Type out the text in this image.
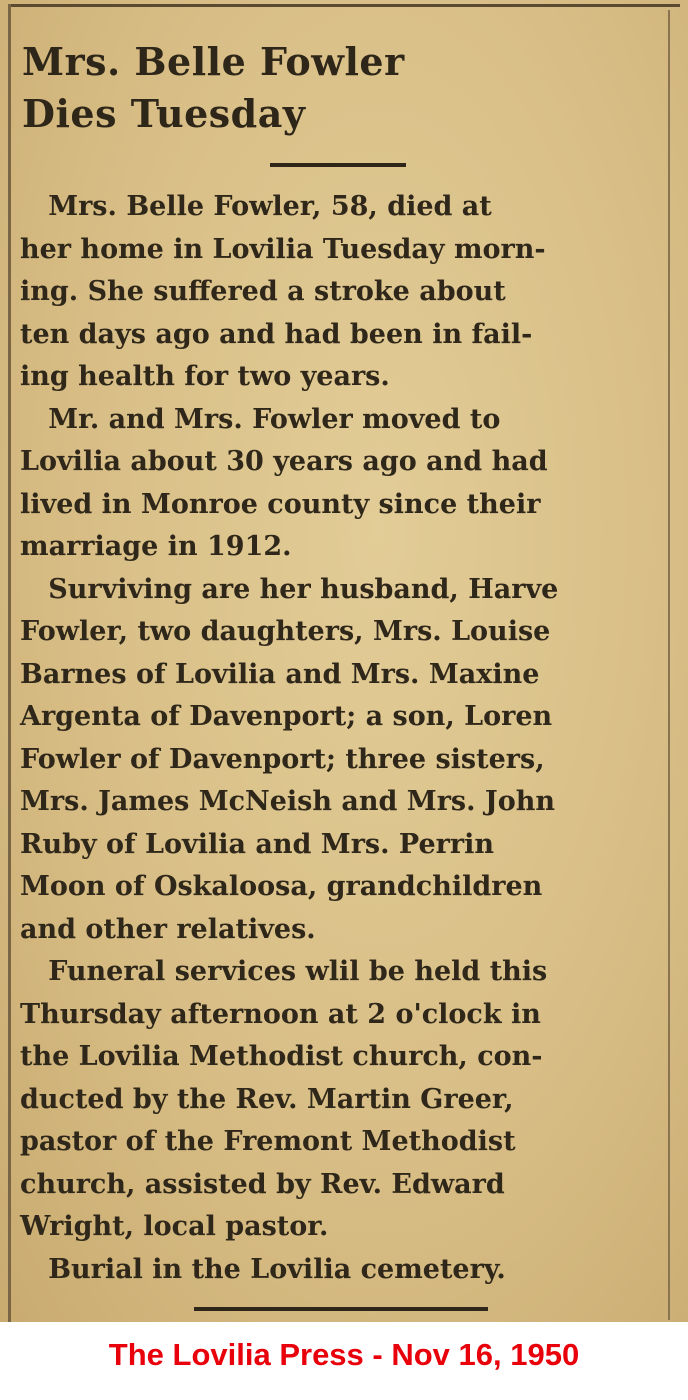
Mrs. Belle Fowler
Dies Tuesday
Mrs. Belle Fowler, 58, died at
her home in Lovilia Tuesday morn-
ing. She suffered a stroke about
ten days ago and had been in fail-
ing health for two years.
Mr. and Mrs. Fowler moved to
Lovilia about 30 years ago and had
lived in Monroe county since their
marriage in 1912.
Surviving are her husband, Harve
Fowler, two daughters, Mrs. Louise
Barnes of Lovilia and Mrs. Maxine
Argenta of Davenport; a son, Loren
Fowler of Davenport; three sisters,
Mrs. James McNeish and Mrs. John
Ruby of Lovilia and Mrs. Perrin
Moon of Oskaloosa, grandchildren
and other relatives.
Funeral services wlil be held this
Thursday afternoon at 2 o'clock in
the Lovilia Methodist church, con-
ducted by the Rev. Martin Greer,
pastor of the Fremont Methodist
church, assisted by Rev. Edward
Wright, local pastor.
Burial in the Lovilia cemetery.
The Lovilia Press - Nov 16, 1950
